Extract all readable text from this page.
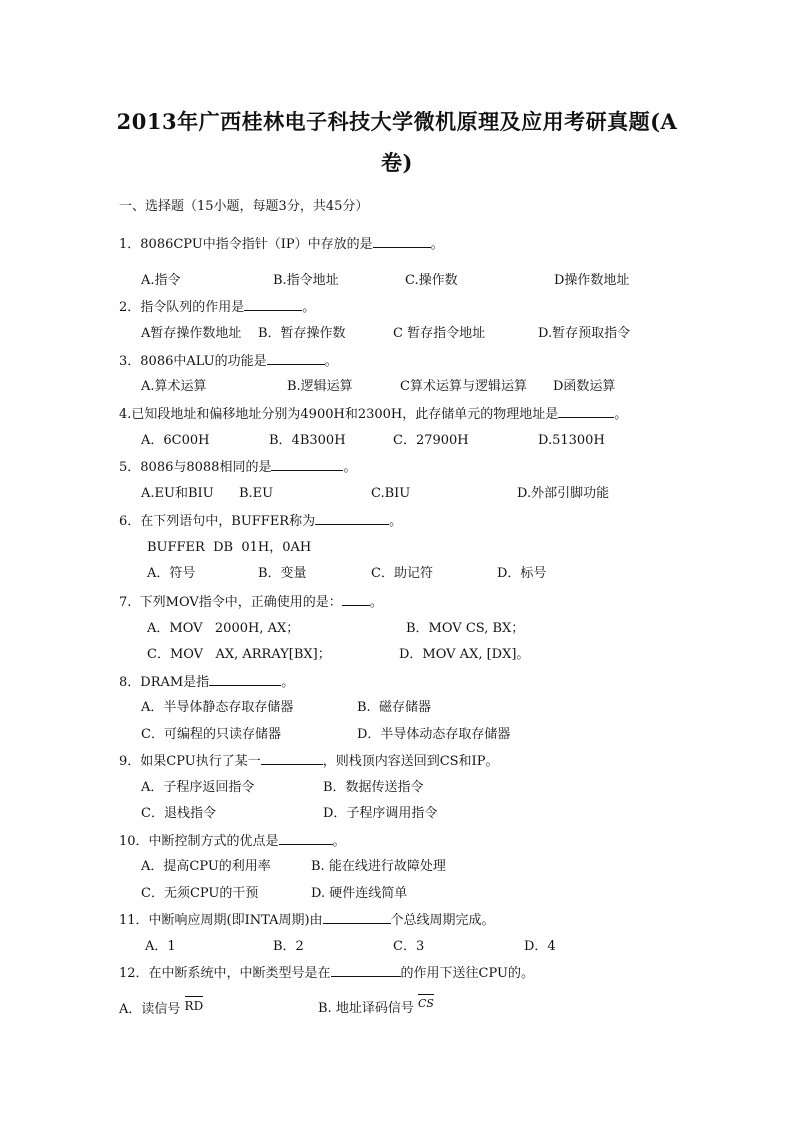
2013年广西桂林电子科技大学微机原理及应用考研真题(A
卷)
一、选择题（15小题，每题3分，共45分）
1．8086CPU中指令指针（IP）中存放的是	。
A.指令	B.指令地址	C.操作数	D操作数地址
2．指令队列的作用是	。
A暂存操作数地址 B．暂存操作数	C 暂存指令地址	D.暂存预取指令
3．8086中ALU的功能是	。
A.算术运算	B.逻辑运算	C算术运算与逻辑运算 D函数运算
4.已知段地址和偏移地址分别为4900H和2300H，此存储单元的物理地址是	。
A．6C00H	B．4B300H	C．27900H	D.51300H
5．8086与8088相同的是	。
A.EU和BIU B.EU	C.BIU	D.外部引脚功能
6．在下列语句中，BUFFER称为	。
BUFFER  DB  01H，0AH
A．符号	B．变量	C．助记符	D．标号
7.  下列MOV指令中，正确使用的是： 。
A．MOV   2000H, AX；	B．MOV CS, BX；
C．MOV   AX, ARRAY[BX]；	D．MOV AX, [DX]。
8．DRAM是指	。
A．半导体静态存取存储器	B.  磁存储器
C．可编程的只读存储器	D．半导体动态存取存储器
9．如果CPU执行了某一	，则栈顶内容送回到CS和IP。
A．子程序返回指令	B．数据传送指令
C．退栈指令	D．子程序调用指令
10．中断控制方式的优点是	。
A．提高CPU的利用率	B. 能在线进行故障处理
C．无须CPU的干预	D. 硬件连线简单
11．中断响应周期(即INTA周期)由	个总线周期完成。
A．1	B．2	C．3	D．4
12．在中断系统中，中断类型号是在	的作用下送往CPU的。
A．读信号 RD	B. 地址译码信号 CS
